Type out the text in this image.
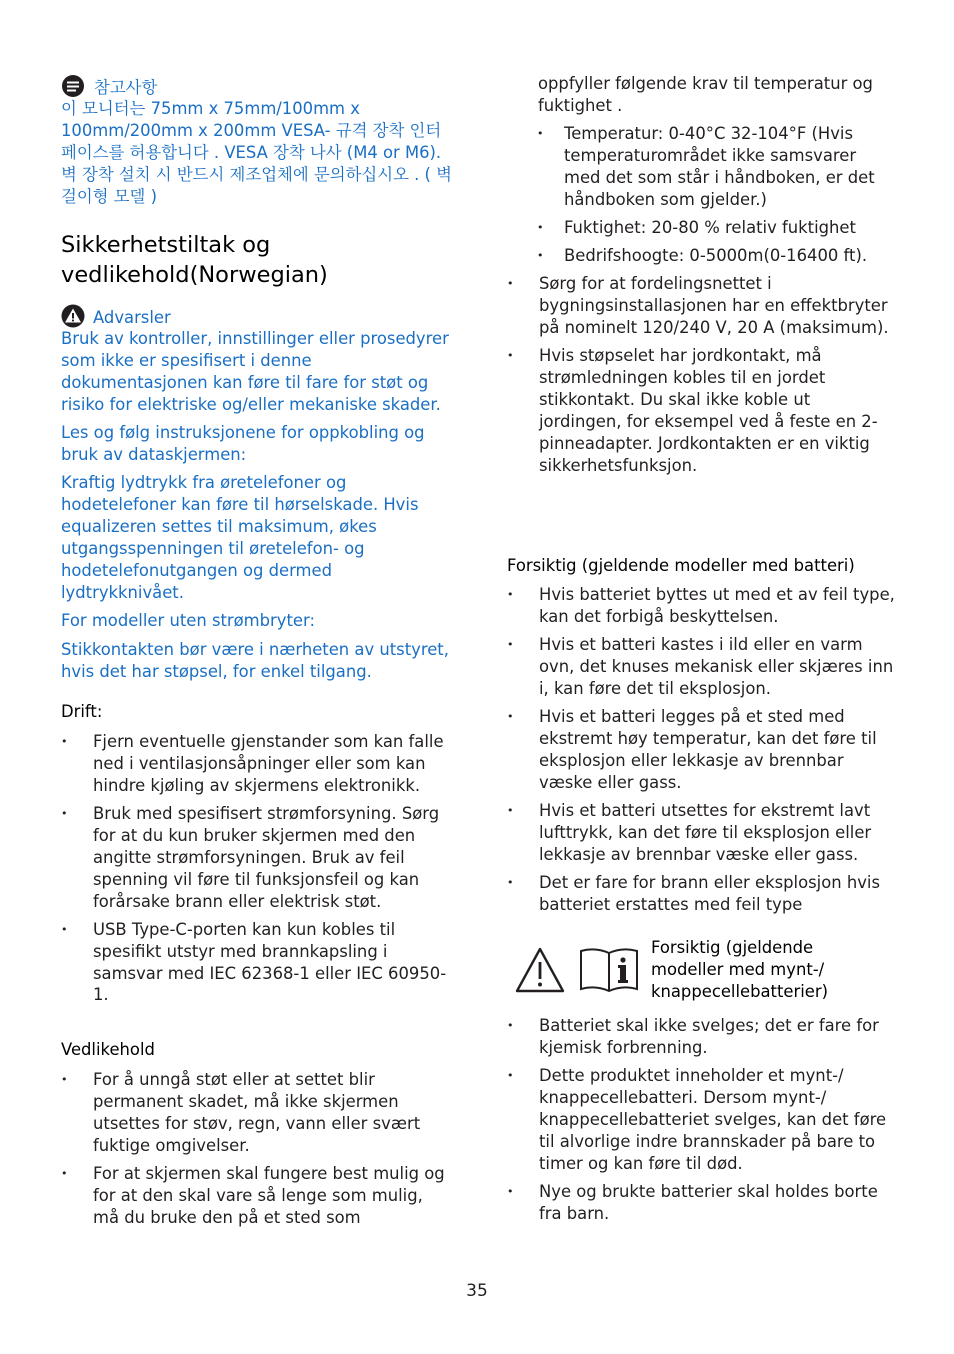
참고사항

이 모니터는 75mm x 75mm/100mm x 100mm/200mm x 200mm VESA- 규격 장착 인터페이스를 허용합니다 . VESA 장착 나사 (M4 or M6). 벽 장착 설치 시 반드시 제조업체에 문의하십시오 . ( 벽걸이형 모델 )

Sikkerhetstiltak og vedlikehold(Norwegian)
Advarsler

Bruk av kontroller, innstillinger eller prosedyrer som ikke er spesifisert i denne dokumentasjonen kan føre til fare for støt og risiko for elektriske og/eller mekaniske skader.

Les og følg instruksjonene for oppkobling og bruk av dataskjermen:

Kraftig lydtrykk fra øretelefoner og hodetelefoner kan føre til hørselskade. Hvis equalizeren settes til maksimum, økes utgangsspenningen til øretelefon- og hodetelefonutgangen og dermed lydtrykknivået.

For modeller uten strømbryter:

Stikkontakten bør være i nærheten av utstyret, hvis det har støpsel, for enkel tilgang.

Drift:

• Fjern eventuelle gjenstander som kan falle ned i ventilasjonsåpninger eller som kan hindre kjøling av skjermens elektronikk.
• Bruk med spesifisert strømforsyning. Sørg for at du kun bruker skjermen med den angitte strømforsyningen. Bruk av feil spenning vil føre til funksjonsfeil og kan forårsake brann eller elektrisk støt.
• USB Type-C-porten kan kun kobles til spesifikt utstyr med brannkapsling i samsvar med IEC 62368-1 eller IEC 60950-1.

Vedlikehold

• For å unngå støt eller at settet blir permanent skadet, må ikke skjermen utsettes for støv, regn, vann eller svært fuktige omgivelser.
• For at skjermen skal fungere best mulig og for at den skal vare så lenge som mulig, må du bruke den på et sted som

oppfyller følgende krav til temperatur og fuktighet .

• Temperatur: 0-40°C 32-104°F (Hvis temperaturområdet ikke samsvarer med det som står i håndboken, er det håndboken som gjelder.)
• Fuktighet: 20-80 % relativ fuktighet
• Bedrifshoogte: 0-5000m(0-16400 ft).
• Sørg for at fordelingsnettet i bygningsinstallasjonen har en effektbryter på nominelt 120/240 V, 20 A (maksimum).
• Hvis støpselet har jordkontakt, må strømledningen kobles til en jordet stikkontakt. Du skal ikke koble ut jordingen, for eksempel ved å feste en 2-pinneadapter. Jordkontakten er en viktig sikkerhetsfunksjon.

Forsiktig (gjeldende modeller med batteri)

• Hvis batteriet byttes ut med et av feil type, kan det forbigå beskyttelsen.
• Hvis et batteri kastes i ild eller en varm ovn, det knuses mekanisk eller skjæres inn i, kan føre det til eksplosjon.
• Hvis et batteri legges på et sted med ekstremt høy temperatur, kan det føre til eksplosjon eller lekkasje av brennbar væske eller gass.
• Hvis et batteri utsettes for ekstremt lavt lufttrykk, kan det føre til eksplosjon eller lekkasje av brennbar væske eller gass.
• Det er fare for brann eller eksplosjon hvis batteriet erstattes med feil type

Forsiktig (gjeldende modeller med mynt-/ knappecellebatterier)

• Batteriet skal ikke svelges; det er fare for kjemisk forbrenning.
• Dette produktet inneholder et mynt-/ knappecellebatteri. Dersom mynt-/ knappecellebatteriet svelges, kan det føre til alvorlige indre brannskader på bare to timer og kan føre til død.
• Nye og brukte batterier skal holdes borte fra barn.
35
